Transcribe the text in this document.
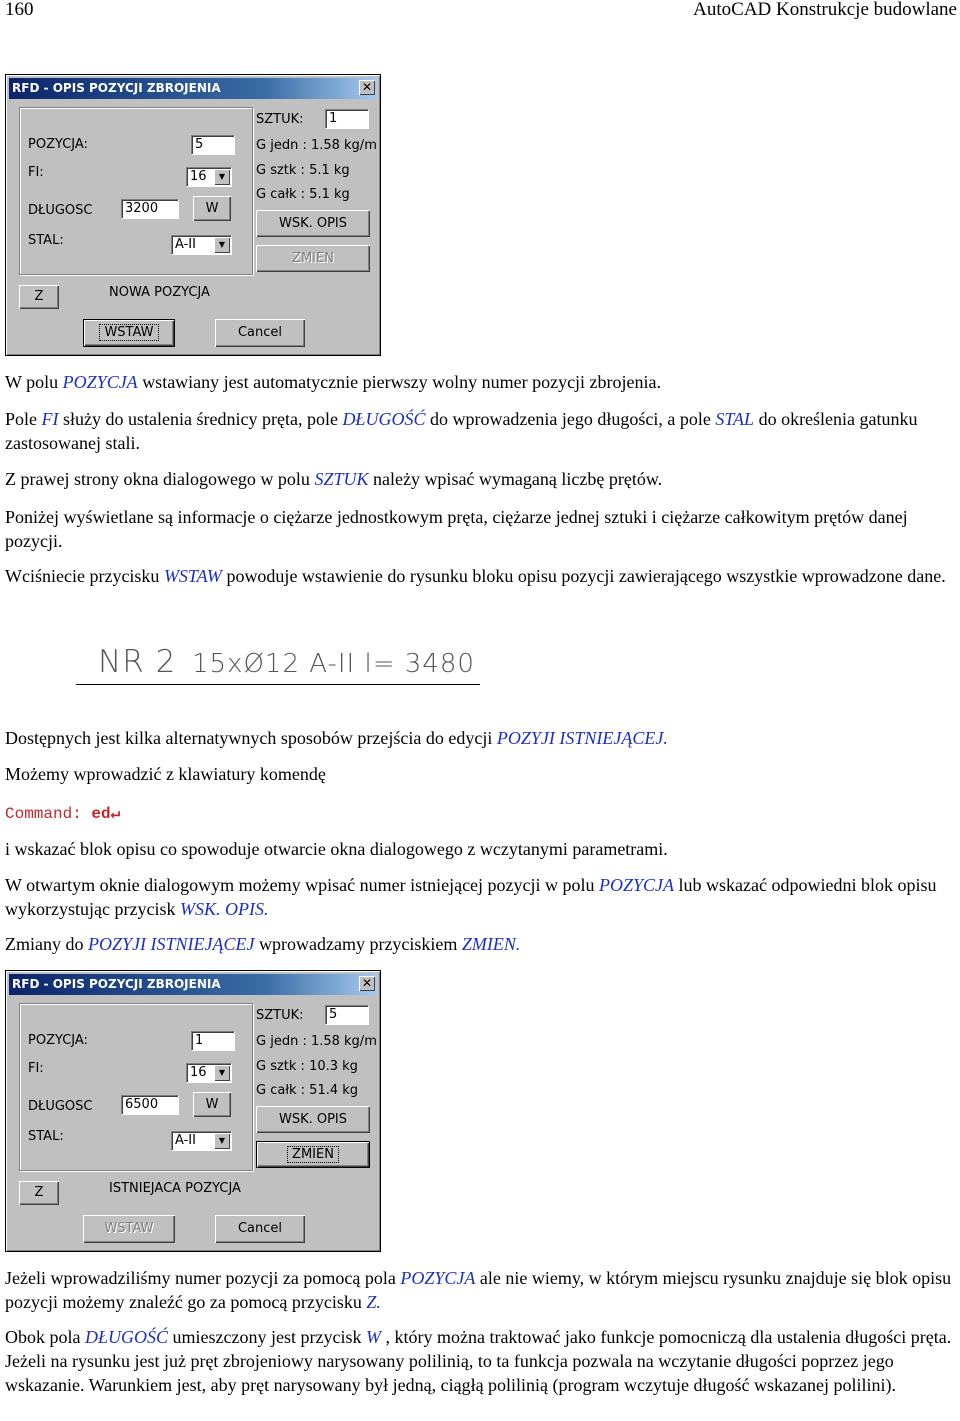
160	AutoCAD Konstrukcje budowlane
RFD - OPIS POZYCJI ZBROJENIA	✕
POZYCJA:	5
FI:	16	▼
DŁUGOSC	3200	W
STAL:	A-II	▼
SZTUK:	1
G jedn : 1.58 kg/m
G sztk : 5.1 kg
G całk : 5.1 kg
WSK. OPIS
ZMIEN
Z	NOWA POZYCJA
WSTAW	Cancel

W polu POZYCJA wstawiany jest automatycznie pierwszy wolny numer pozycji zbrojenia.

Pole FI służy do ustalenia średnicy pręta, pole DŁUGOŚĆ do wprowadzenia jego długości, a pole STAL do określenia gatunku zastosowanej stali.

Z prawej strony okna dialogowego w polu SZTUK należy wpisać wymaganą liczbę prętów.

Poniżej wyświetlane są informacje o ciężarze jednostkowym pręta, ciężarze jednej sztuki i ciężarze całkowitym prętów danej pozycji.

Wciśniecie przycisku WSTAW powoduje wstawienie do rysunku bloku opisu pozycji zawierającego wszystkie wprowadzone dane.

NR 2 15xØ12 A-II l= 3480

Dostępnych jest kilka alternatywnych sposobów przejścia do edycji POZYJI ISTNIEJĄCEJ.

Możemy wprowadzić z klawiatury komendę

Command: ed↵

i wskazać blok opisu co spowoduje otwarcie okna dialogowego z wczytanymi parametrami.

W otwartym oknie dialogowym możemy wpisać numer istniejącej pozycji w polu POZYCJA lub wskazać odpowiedni blok opisu wykorzystując przycisk WSK. OPIS.

Zmiany do POZYJI ISTNIEJĄCEJ wprowadzamy przyciskiem ZMIEN.

RFD - OPIS POZYCJI ZBROJENIA	✕
POZYCJA:	1
FI:	16	▼
DŁUGOSC	6500	W
STAL:	A-II	▼
SZTUK:	5
G jedn : 1.58 kg/m
G sztk : 10.3 kg
G całk : 51.4 kg
WSK. OPIS
ZMIEN
Z	ISTNIEJACA POZYCJA
WSTAW	Cancel

Jeżeli wprowadziliśmy numer pozycji za pomocą pola POZYCJA ale nie wiemy, w którym miejscu rysunku znajduje się blok opisu pozycji możemy znaleźć go za pomocą przycisku Z.

Obok pola DŁUGOŚĆ umieszczony jest przycisk W , który można traktować jako funkcje pomocniczą dla ustalenia długości pręta. Jeżeli na rysunku jest już pręt zbrojeniowy narysowany polilinią, to ta funkcja pozwala na wczytanie długości poprzez jego wskazanie. Warunkiem jest, aby pręt narysowany był jedną, ciągłą polilinią (program wczytuje długość wskazanej polilini).
